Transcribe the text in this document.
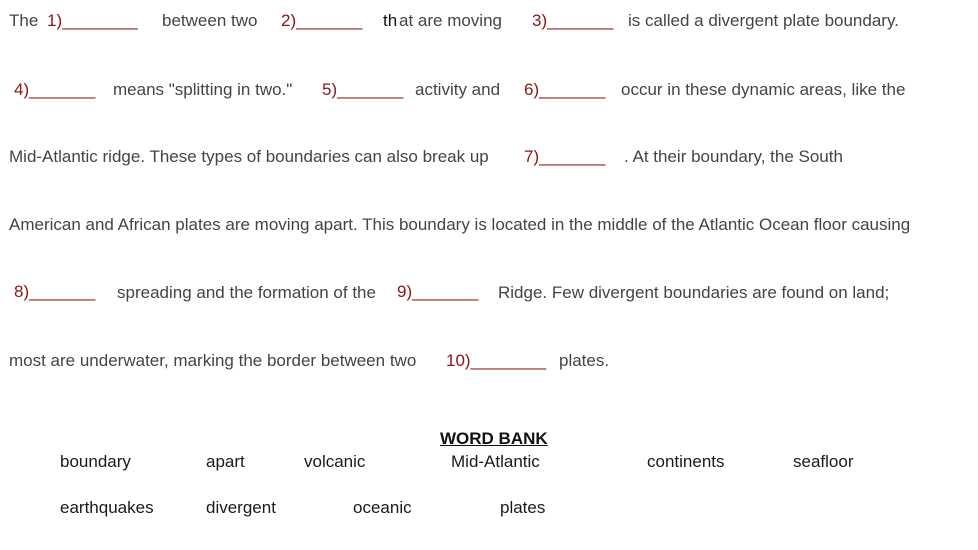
The 1)________ between two 2)_______ th at are moving 3)_______ is called a divergent plate boundary.
4)_______ means "splitting in two." 5)_______ activity and 6)_______ occur in these dynamic areas, like the
Mid-Atlantic ridge. These types of boundaries can also break up 7)_______ . At their boundary, the South
American and African plates are moving apart. This boundary is located in the middle of the Atlantic Ocean floor causing
8)_______ spreading and the formation of the 9)_______ Ridge. Few divergent boundaries are found on land;
most are underwater, marking the border between two 10)________ plates.
WORD BANK
boundary	apart	volcanic	Mid-Atlantic	continents	seafloor
earthquakes	divergent	oceanic	plates
